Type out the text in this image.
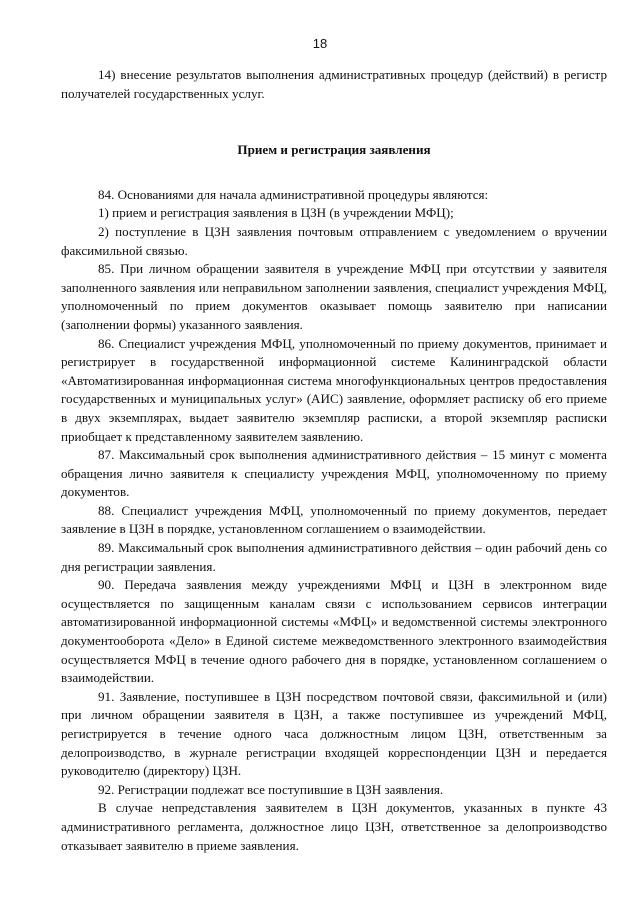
18

14) внесение результатов выполнения административных процедур (действий) в регистр получателей государственных услуг.

Прием и регистрация заявления

84. Основаниями для начала административной процедуры являются:

1) прием и регистрация заявления в ЦЗН (в учреждении МФЦ);

2) поступление в ЦЗН заявления почтовым отправлением с уведомлением о вручении факсимильной связью.

85. При личном обращении заявителя в учреждение МФЦ при отсутствии у заявителя заполненного заявления или неправильном заполнении заявления, специалист учреждения МФЦ, уполномоченный по прием документов оказывает помощь заявителю при написании (заполнении формы) указанного заявления.

86. Специалист учреждения МФЦ, уполномоченный по приему документов, принимает и регистрирует в государственной информационной системе Калининградской области «Автоматизированная информационная система многофункциональных центров предоставления государственных и муниципальных услуг» (АИС) заявление, оформляет расписку об его приеме в двух экземплярах, выдает заявителю экземпляр расписки, а второй экземпляр расписки приобщает к представленному заявителем заявлению.

87. Максимальный срок выполнения административного действия – 15 минут с момента обращения лично заявителя к специалисту учреждения МФЦ, уполномоченному по приему документов.

88. Специалист учреждения МФЦ, уполномоченный по приему документов, передает заявление в ЦЗН в порядке, установленном соглашением о взаимодействии.

89. Максимальный срок выполнения административного действия – один рабочий день со дня регистрации заявления.

90. Передача заявления между учреждениями МФЦ и ЦЗН в электронном виде осуществляется по защищенным каналам связи с использованием сервисов интеграции автоматизированной информационной системы «МФЦ» и ведомственной системы электронного документооборота «Дело» в Единой системе межведомственного электронного взаимодействия осуществляется МФЦ в течение одного рабочего дня в порядке, установленном соглашением о взаимодействии.

91. Заявление, поступившее в ЦЗН посредством почтовой связи, факсимильной и (или) при личном обращении заявителя в ЦЗН, а также поступившее из учреждений МФЦ, регистрируется в течение одного часа должностным лицом ЦЗН, ответственным за делопроизводство, в журнале регистрации входящей корреспонденции ЦЗН и передается руководителю (директору) ЦЗН.

92. Регистрации подлежат все поступившие в ЦЗН заявления.

В случае непредставления заявителем в ЦЗН документов, указанных в пункте 43 административного регламента, должностное лицо ЦЗН, ответственное за делопроизводство отказывает заявителю в приеме заявления.
